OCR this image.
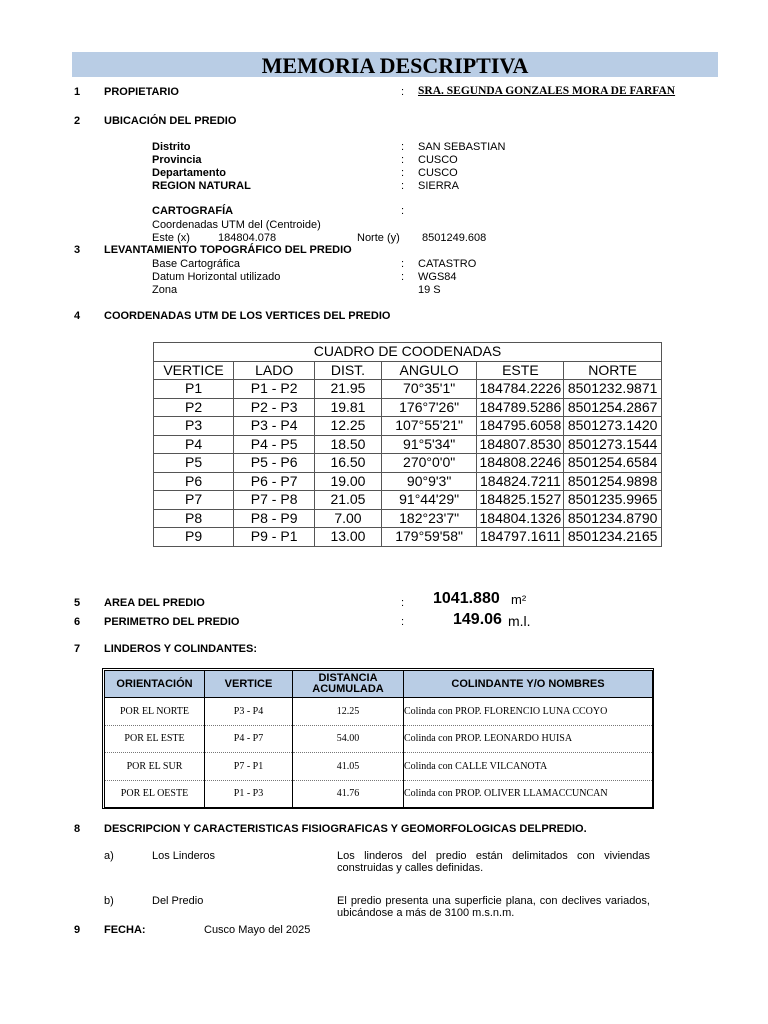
MEMORIA DESCRIPTIVA
1 PROPIETARIO	: SRA. SEGUNDA GONZALES MORA DE FARFAN
2 UBICACIÓN DEL PREDIO
Distrito	: SAN SEBASTIAN
Provincia	: CUSCO
Departamento	: CUSCO
REGION NATURAL	: SIERRA
CARTOGRAFÍA	:
Coordenadas UTM del (Centroide)
Este (x)	184804.078	Norte (y) 8501249.608
3 LEVANTAMIENTO TOPOGRÁFICO DEL PREDIO
Base Cartográfica	: CATASTRO
Datum Horizontal utilizado	: WGS84
Zona	19 S
4 COORDENADAS UTM DE LOS VERTICES DEL PREDIO
CUADRO DE COODENADAS					
VERTICE	LADO	DIST.	ANGULO	ESTE	NORTE
P1	P1 - P2	21.95	70°35'1"	184784.2226	8501232.9871
P2	P2 - P3	19.81	176°7'26"	184789.5286	8501254.2867
P3	P3 - P4	12.25	107°55'21"	184795.6058	8501273.1420
P4	P4 - P5	18.50	91°5'34"	184807.8530	8501273.1544
P5	P5 - P6	16.50	270°0'0"	184808.2246	8501254.6584
P6	P6 - P7	19.00	90°9'3"	184824.7211	8501254.9898
P7	P7 - P8	21.05	91°44'29"	184825.1527	8501235.9965
P8	P8 - P9	7.00	182°23'7"	184804.1326	8501234.8790
P9	P9 - P1	13.00	179°59'58"	184797.1611	8501234.2165
5 AREA DEL PREDIO	: 1041.880 m²
6 PERIMETRO DEL PREDIO	:	149.06 m.l.
7 LINDEROS Y COLINDANTES:
ORIENTACIÓN	VERTICE	DISTANCIA ACUMULADA	COLINDANTE Y/O NOMBRES
POR EL NORTE	P3 - P4	12.25	Colinda con PROP. FLORENCIO LUNA CCOYO
POR EL ESTE	P4 - P7	54.00	Colinda con PROP. LEONARDO HUISA
POR EL SUR	P7 - P1	41.05	Colinda con CALLE VILCANOTA
POR EL OESTE	P1 - P3	41.76	Colinda con PROP. OLIVER LLAMACCUNCAN
8 DESCRIPCION Y CARACTERISTICAS FISIOGRAFICAS Y GEOMORFOLOGICAS DELPREDIO.
a)	Los Linderos	Los linderos del predio están delimitados con viviendas construidas y calles definidas.
b)	Del Predio	El predio presenta una superficie plana, con declives variados, ubicándose a más de 3100 m.s.n.m.
9 FECHA:	Cusco Mayo del 2025
